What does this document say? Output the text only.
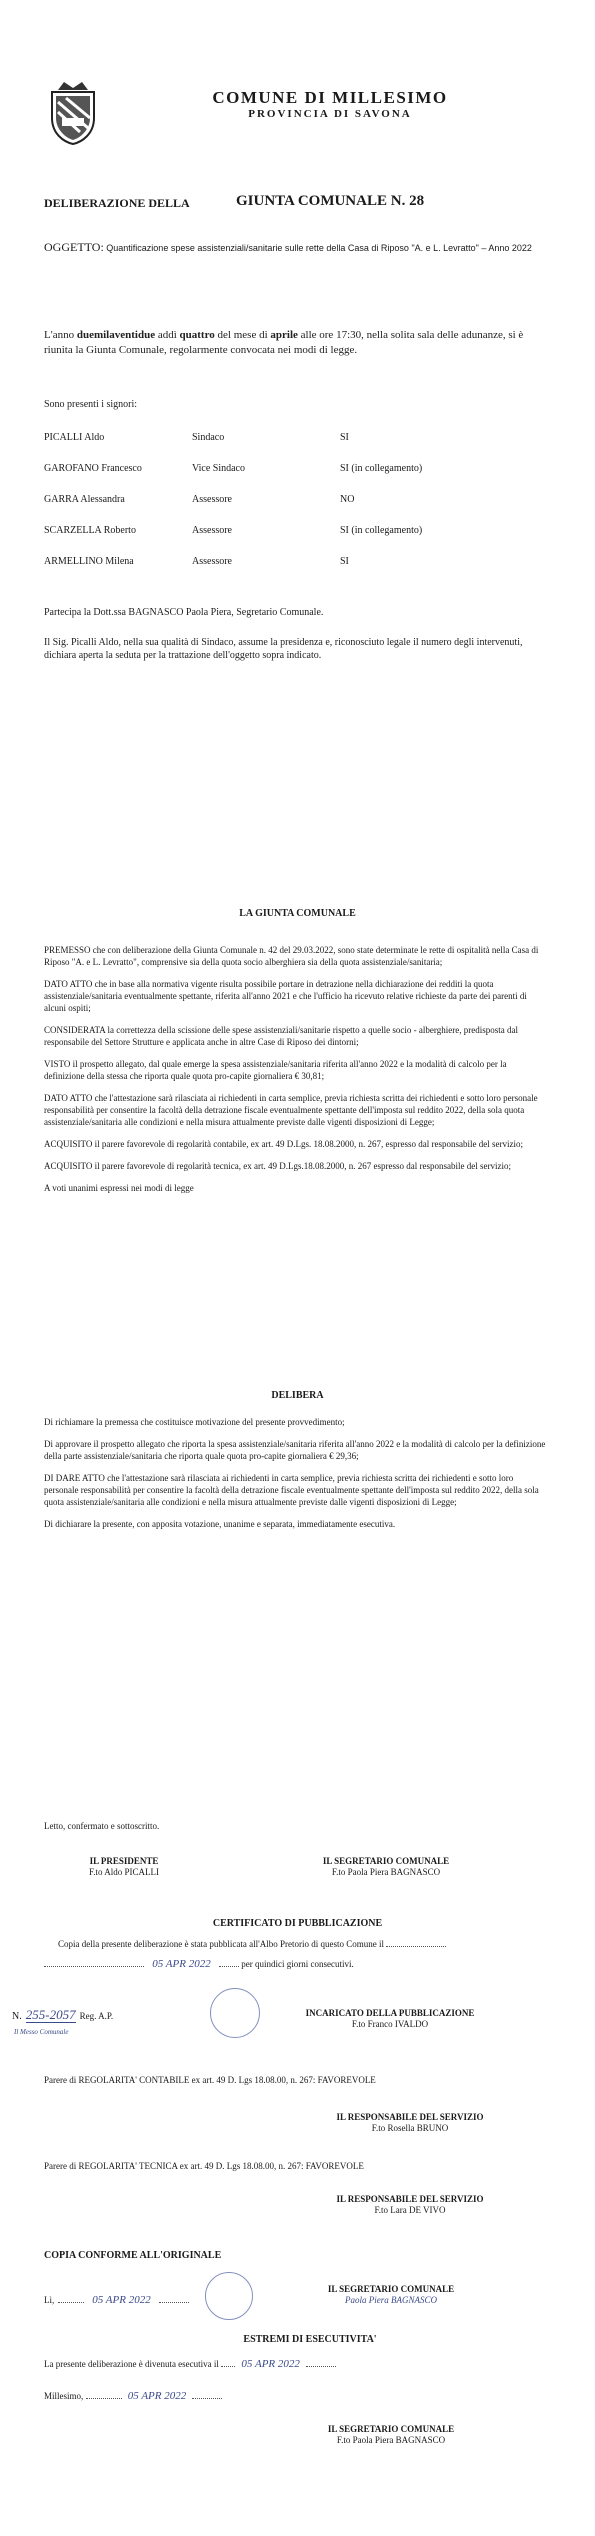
COMUNE DI MILLESIMO
PROVINCIA DI SAVONA
DELIBERAZIONE DELLA	GIUNTA COMUNALE N. 28
OGGETTO: Quantificazione spese assistenziali/sanitarie sulle rette della Casa di Riposo "A. e L. Levratto" – Anno 2022
L'anno duemilaventidue addì quattro del mese di aprile alle ore 17:30, nella solita sala delle adunanze, si è riunita la Giunta Comunale, regolarmente convocata nei modi di legge.
Sono presenti i signori:
PICALLI Aldo	Sindaco	SI
GAROFANO Francesco	Vice Sindaco	SI (in collegamento)
GARRA Alessandra	Assessore	NO
SCARZELLA Roberto	Assessore	SI (in collegamento)
ARMELLINO Milena	Assessore	SI
Partecipa la Dott.ssa BAGNASCO Paola Piera, Segretario Comunale.
Il Sig. Picalli Aldo, nella sua qualità di Sindaco, assume la presidenza e, riconosciuto legale il numero degli intervenuti, dichiara aperta la seduta per la trattazione dell'oggetto sopra indicato.
LA GIUNTA COMUNALE

PREMESSO che con deliberazione della Giunta Comunale n. 42 del 29.03.2022, sono state determinate le rette di ospitalità nella Casa di Riposo "A. e L. Levratto", comprensive sia della quota socio alberghiera sia della quota assistenziale/sanitaria;

DATO ATTO che in base alla normativa vigente risulta possibile portare in detrazione nella dichiarazione dei redditi la quota assistenziale/sanitaria eventualmente spettante, riferita all'anno 2021 e che l'ufficio ha ricevuto relative richieste da parte dei parenti di alcuni ospiti;

CONSIDERATA la correttezza della scissione delle spese assistenziali/sanitarie rispetto a quelle socio - alberghiere, predisposta dal responsabile del Settore Strutture e applicata anche in altre Case di Riposo dei dintorni;

VISTO il prospetto allegato, dal quale emerge la spesa assistenziale/sanitaria riferita all'anno 2022 e la modalità di calcolo per la definizione della stessa che riporta quale quota pro-capite giornaliera € 30,81;

DATO ATTO che l'attestazione sarà rilasciata ai richiedenti in carta semplice, previa richiesta scritta dei richiedenti e sotto loro personale responsabilità per consentire la facoltà della detrazione fiscale eventualmente spettante dell'imposta sul reddito 2022, della sola quota assistenziale/sanitaria alle condizioni e nella misura attualmente previste dalle vigenti disposizioni di Legge;

ACQUISITO il parere favorevole di regolarità contabile, ex art. 49 D.Lgs. 18.08.2000, n. 267, espresso dal responsabile del servizio;

ACQUISITO il parere favorevole di regolarità tecnica, ex art. 49 D.Lgs.18.08.2000, n. 267 espresso dal responsabile del servizio;

A voti unanimi espressi nei modi di legge

DELIBERA

Di richiamare la premessa che costituisce motivazione del presente provvedimento;

Di approvare il prospetto allegato che riporta la spesa assistenziale/sanitaria riferita all'anno 2022 e la modalità di calcolo per la definizione della parte assistenziale/sanitaria che riporta quale quota pro-capite giornaliera € 29,36;

DI DARE ATTO che l'attestazione sarà rilasciata ai richiedenti in carta semplice, previa richiesta scritta dei richiedenti e sotto loro personale responsabilità per consentire la facoltà della detrazione fiscale eventualmente spettante dell'imposta sul reddito 2022, della sola quota assistenziale/sanitaria alle condizioni e nella misura attualmente previste dalle vigenti disposizioni di Legge;

Di dichiarare la presente, con apposita votazione, unanime e separata, immediatamente esecutiva.

Letto, confermato e sottoscritto.
IL PRESIDENTE
F.to Aldo PICALLI
IL SEGRETARIO COMUNALE
F.to Paola Piera BAGNASCO
CERTIFICATO DI PUBBLICAZIONE
Copia della presente deliberazione è stata pubblicata all'Albo Pretorio di questo Comune il
05 APR 2022	per quindici giorni consecutivi.
N. 255-2057 Reg. A.P.
Il Messo Comunale
INCARICATO DELLA PUBBLICAZIONE
F.to Franco IVALDO
Parere di REGOLARITA' CONTABILE ex art. 49 D. Lgs 18.08.00, n. 267: FAVOREVOLE
IL RESPONSABILE DEL SERVIZIO
F.to Rosella BRUNO
Parere di REGOLARITA' TECNICA ex art. 49 D. Lgs 18.08.00, n. 267: FAVOREVOLE
IL RESPONSABILE DEL SERVIZIO
F.to Lara DE VIVO
COPIA CONFORME ALL'ORIGINALE
Lì,	05 APR 2022
IL SEGRETARIO COMUNALE
Paola Piera BAGNASCO
ESTREMI DI ESECUTIVITA'
La presente deliberazione è divenuta esecutiva il 05 APR 2022
Millesimo,	05 APR 2022
IL SEGRETARIO COMUNALE
F.to Paola Piera BAGNASCO
